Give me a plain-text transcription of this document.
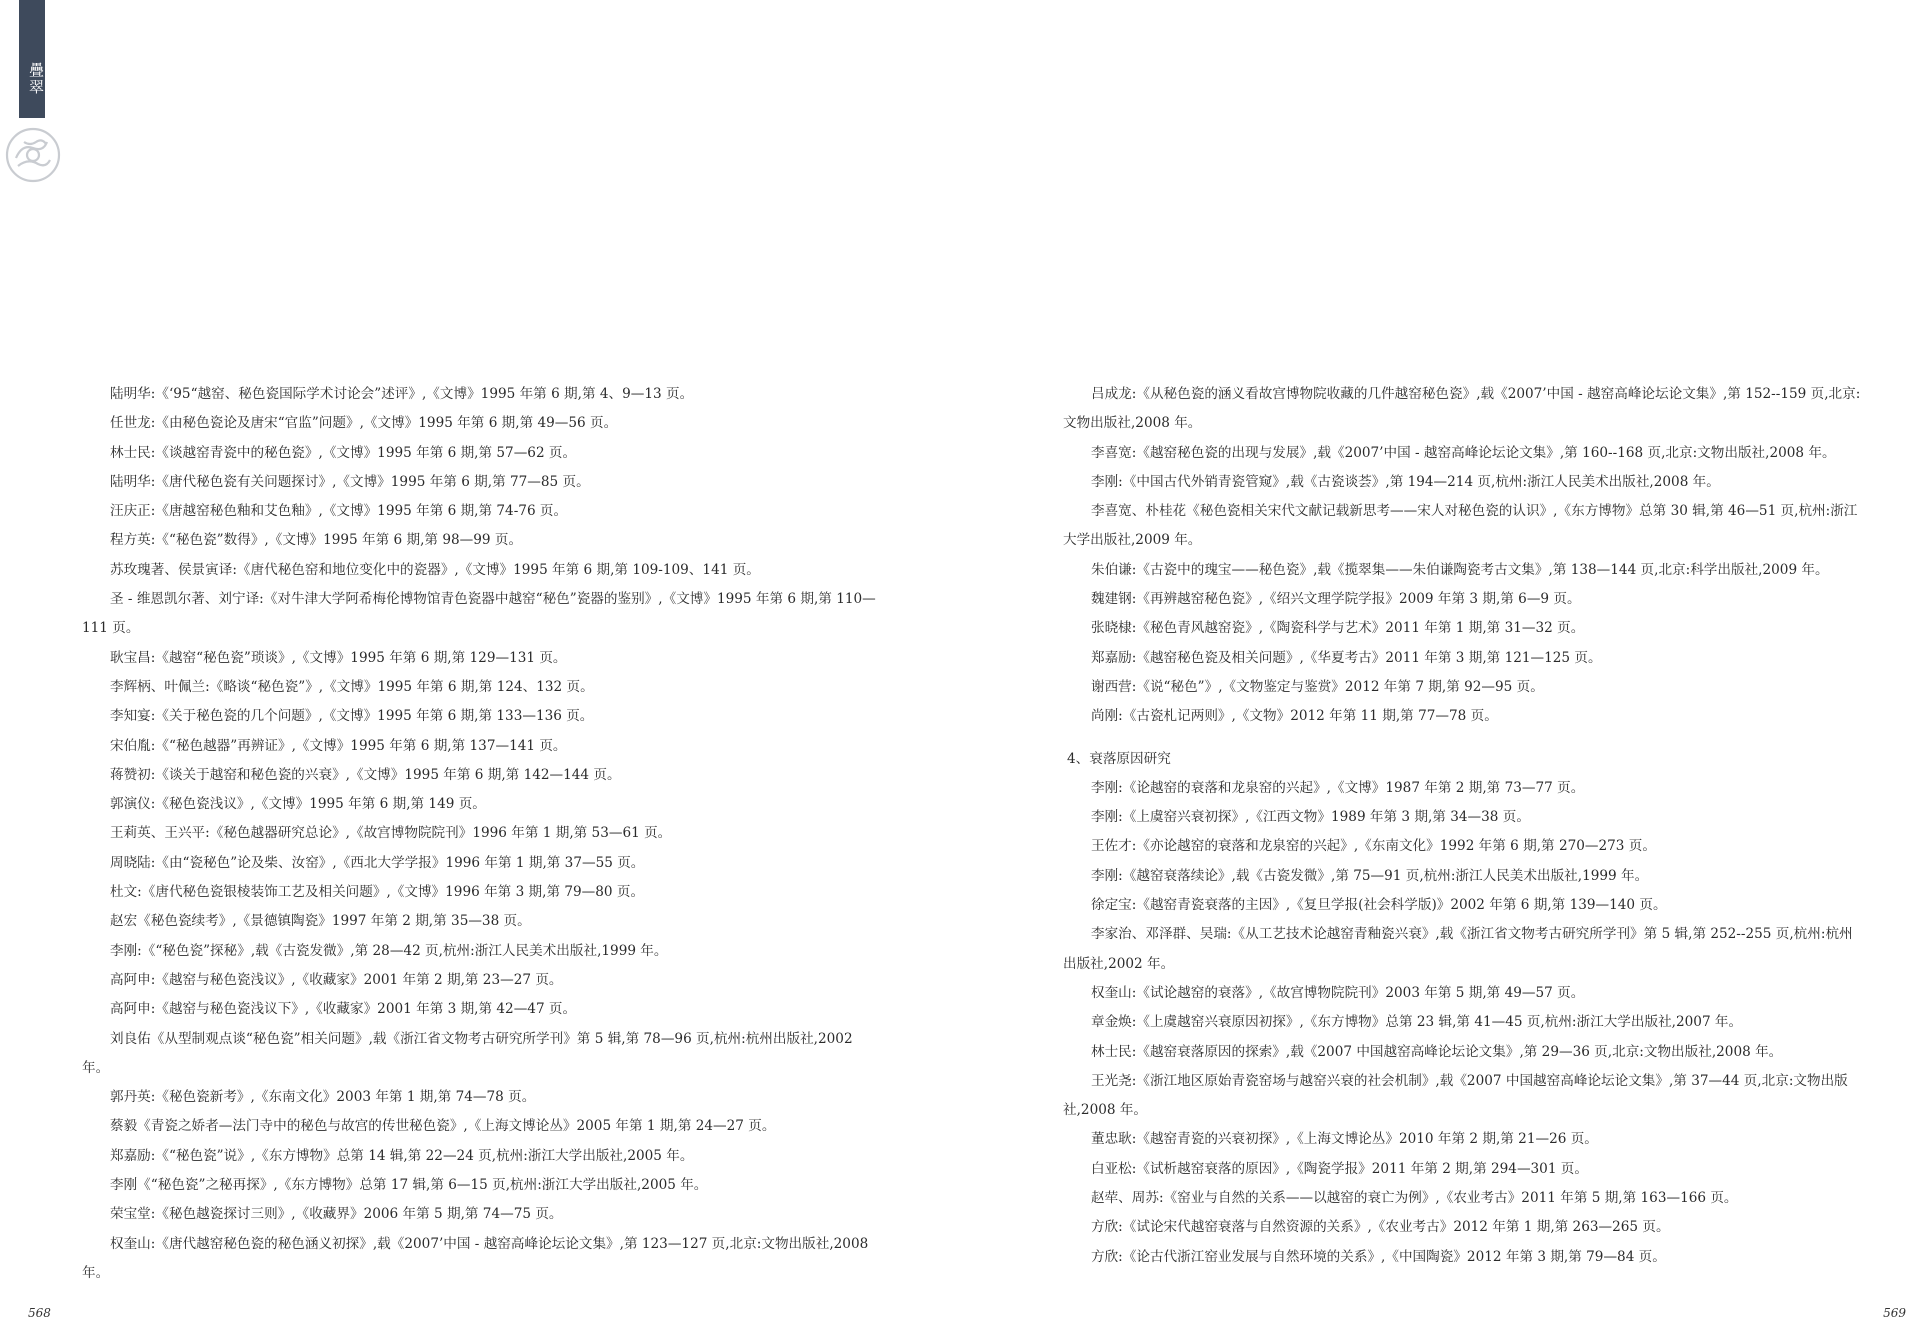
疊翠

陆明华:《‘95“越窑、秘色瓷国际学术讨论会”述评》,《文博》1995 年第 6 期,第 4、9—13 页。

任世龙:《由秘色瓷论及唐宋“官监”问题》,《文博》1995 年第 6 期,第 49—56 页。

林士民:《谈越窑青瓷中的秘色瓷》,《文博》1995 年第 6 期,第 57—62 页。

陆明华:《唐代秘色瓷有关问题探讨》,《文博》1995 年第 6 期,第 77—85 页。

汪庆正:《唐越窑秘色釉和艾色釉》,《文博》1995 年第 6 期,第 74-76 页。

程方英:《“秘色瓷”数得》,《文博》1995 年第 6 期,第 98—99 页。

苏玫瑰著、侯景寅译:《唐代秘色窑和地位变化中的瓷器》,《文博》1995 年第 6 期,第 109-109、141 页。

圣 - 维恩凯尔著、刘宁译:《对牛津大学阿希梅伦博物馆青色瓷器中越窑“秘色”瓷器的鉴别》,《文博》1995 年第 6 期,第 110—111 页。

耿宝昌:《越窑“秘色瓷”琐谈》,《文博》1995 年第 6 期,第 129—131 页。

李辉柄、叶佩兰:《略谈“秘色瓷”》,《文博》1995 年第 6 期,第 124、132 页。

李知宴:《关于秘色瓷的几个问题》,《文博》1995 年第 6 期,第 133—136 页。

宋伯胤:《“秘色越器”再辨证》,《文博》1995 年第 6 期,第 137—141 页。

蒋赞初:《谈关于越窑和秘色瓷的兴衰》,《文博》1995 年第 6 期,第 142—144 页。

郭演仪:《秘色瓷浅议》,《文博》1995 年第 6 期,第 149 页。

王莉英、王兴平:《秘色越器研究总论》,《故宫博物院院刊》1996 年第 1 期,第 53—61 页。

周晓陆:《由“瓷秘色”论及柴、汝窑》,《西北大学学报》1996 年第 1 期,第 37—55 页。

杜文:《唐代秘色瓷银棱装饰工艺及相关问题》,《文博》1996 年第 3 期,第 79—80 页。

赵宏《秘色瓷续考》,《景德镇陶瓷》1997 年第 2 期,第 35—38 页。

李刚:《“秘色瓷”探秘》,载《古瓷发微》,第 28—42 页,杭州:浙江人民美术出版社,1999 年。

高阿申:《越窑与秘色瓷浅议》,《收藏家》2001 年第 2 期,第 23—27 页。

高阿申:《越窑与秘色瓷浅议下》,《收藏家》2001 年第 3 期,第 42—47 页。

刘良佑《从型制观点谈“秘色瓷”相关问题》,载《浙江省文物考古研究所学刊》第 5 辑,第 78—96 页,杭州:杭州出版社,2002 年。

郭丹英:《秘色瓷新考》,《东南文化》2003 年第 1 期,第 74—78 页。

蔡毅《青瓷之娇者—法门寺中的秘色与故宫的传世秘色瓷》,《上海文博论丛》2005 年第 1 期,第 24—27 页。

郑嘉励:《“秘色瓷”说》,《东方博物》总第 14 辑,第 22—24 页,杭州:浙江大学出版社,2005 年。

李刚《“秘色瓷”之秘再探》,《东方博物》总第 17 辑,第 6—15 页,杭州:浙江大学出版社,2005 年。

荣宝堂:《秘色越瓷探讨三则》,《收藏界》2006 年第 5 期,第 74—75 页。

权奎山:《唐代越窑秘色瓷的秘色涵义初探》,载《2007’中国 - 越窑高峰论坛论文集》,第 123—127 页,北京:文物出版社,2008 年。

吕成龙:《从秘色瓷的涵义看故宫博物院收藏的几件越窑秘色瓷》,载《2007’中国 - 越窑高峰论坛论文集》,第 152--159 页,北京:文物出版社,2008 年。

李喜宽:《越窑秘色瓷的出现与发展》,载《2007’中国 - 越窑高峰论坛论文集》,第 160--168 页,北京:文物出版社,2008 年。

李刚:《中国古代外销青瓷管窥》,载《古瓷谈荟》,第 194—214 页,杭州:浙江人民美术出版社,2008 年。

李喜宽、朴桂花《秘色瓷相关宋代文献记载新思考——宋人对秘色瓷的认识》,《东方博物》总第 30 辑,第 46—51 页,杭州:浙江大学出版社,2009 年。

朱伯谦:《古瓷中的瑰宝——秘色瓷》,载《揽翠集——朱伯谦陶瓷考古文集》,第 138—144 页,北京:科学出版社,2009 年。

魏建钢:《再辨越窑秘色瓷》,《绍兴文理学院学报》2009 年第 3 期,第 6—9 页。

张晓棣:《秘色青风越窑瓷》,《陶瓷科学与艺术》2011 年第 1 期,第 31—32 页。

郑嘉励:《越窑秘色瓷及相关问题》,《华夏考古》2011 年第 3 期,第 121—125 页。

谢西营:《说“秘色”》,《文物鉴定与鉴赏》2012 年第 7 期,第 92—95 页。

尚刚:《古瓷札记两则》,《文物》2012 年第 11 期,第 77—78 页。

4、衰落原因研究

李刚:《论越窑的衰落和龙泉窑的兴起》,《文博》1987 年第 2 期,第 73—77 页。

李刚:《上虞窑兴衰初探》,《江西文物》1989 年第 3 期,第 34—38 页。

王佐才:《亦论越窑的衰落和龙泉窑的兴起》,《东南文化》1992 年第 6 期,第 270—273 页。

李刚:《越窑衰落续论》,载《古瓷发微》,第 75—91 页,杭州:浙江人民美术出版社,1999 年。

徐定宝:《越窑青瓷衰落的主因》,《复旦学报(社会科学版)》2002 年第 6 期,第 139—140 页。

李家治、邓泽群、吴瑞:《从工艺技术论越窑青釉瓷兴衰》,载《浙江省文物考古研究所学刊》第 5 辑,第 252--255 页,杭州:杭州出版社,2002 年。

权奎山:《试论越窑的衰落》,《故宫博物院院刊》2003 年第 5 期,第 49—57 页。

章金焕:《上虞越窑兴衰原因初探》,《东方博物》总第 23 辑,第 41—45 页,杭州:浙江大学出版社,2007 年。

林士民:《越窑衰落原因的探索》,载《2007 中国越窑高峰论坛论文集》,第 29—36 页,北京:文物出版社,2008 年。

王光尧:《浙江地区原始青瓷窑场与越窑兴衰的社会机制》,载《2007 中国越窑高峰论坛论文集》,第 37—44 页,北京:文物出版社,2008 年。

董忠耿:《越窑青瓷的兴衰初探》,《上海文博论丛》2010 年第 2 期,第 21—26 页。

白亚松:《试析越窑衰落的原因》,《陶瓷学报》2011 年第 2 期,第 294—301 页。

赵荦、周苏:《窑业与自然的关系——以越窑的衰亡为例》,《农业考古》2011 年第 5 期,第 163—166 页。

方欣:《试论宋代越窑衰落与自然资源的关系》,《农业考古》2012 年第 1 期,第 263—265 页。

方欣:《论古代浙江窑业发展与自然环境的关系》,《中国陶瓷》2012 年第 3 期,第 79—84 页。

568	569
